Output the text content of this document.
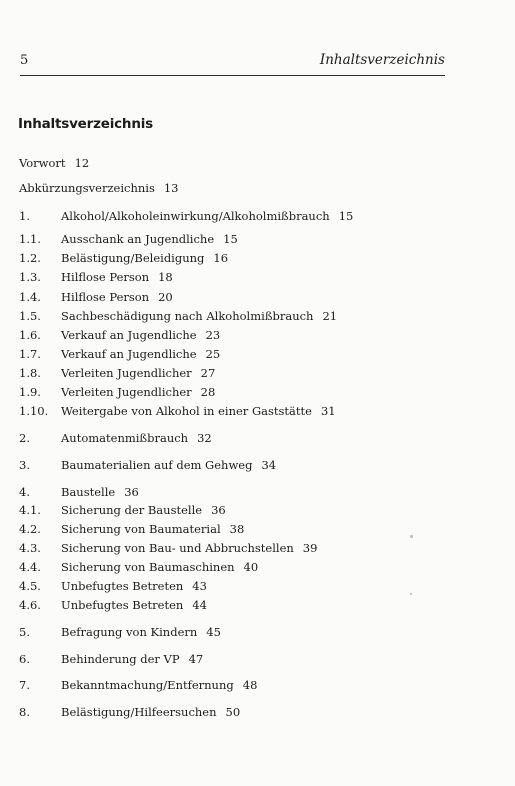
5	Inhaltsverzeichnis
Inhaltsverzeichnis
Vorwort 12
Abkürzungsverzeichnis 13
1.	Alkohol/Alkoholeinwirkung/Alkoholmißbrauch 15
1.1. Ausschank an Jugendliche 15
1.2. Belästigung/Beleidigung 16
1.3. Hilflose Person 18
1.4. Hilflose Person 20
1.5. Sachbeschädigung nach Alkoholmißbrauch 21
1.6. Verkauf an Jugendliche 23
1.7. Verkauf an Jugendliche 25
1.8. Verleiten Jugendlicher 27
1.9. Verleiten Jugendlicher 28
1.10. Weitergabe von Alkohol in einer Gaststätte 31
2.	Automatenmißbrauch 32
3.	Baumaterialien auf dem Gehweg 34
4.	Baustelle 36
4.1. Sicherung der Baustelle 36
4.2. Sicherung von Baumaterial 38
4.3. Sicherung von Bau- und Abbruchstellen 39
4.4. Sicherung von Baumaschinen 40
4.5. Unbefugtes Betreten 43
4.6. Unbefugtes Betreten 44
5.	Befragung von Kindern 45
6.	Behinderung der VP 47
7.	Bekanntmachung/Entfernung 48
8.	Belästigung/Hilfeersuchen 50
